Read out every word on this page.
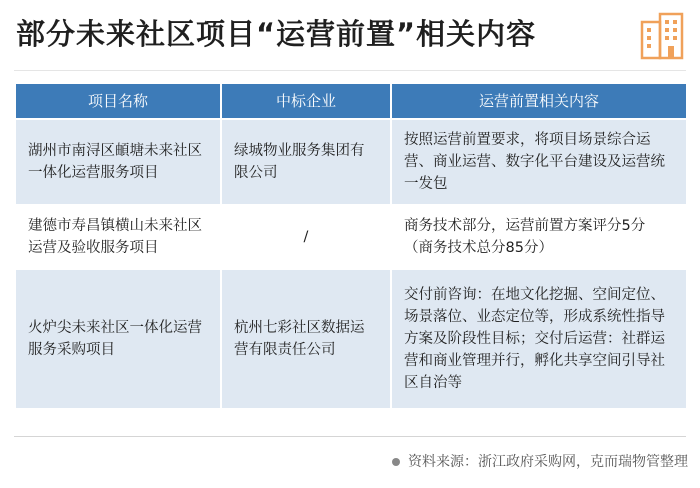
部分未来社区项目“运营前置”相关内容
项目名称	中标企业	运营前置相关内容
湖州市南浔区頔塘未来社区一体化运营服务项目
绿城物业服务集团有限公司
按照运营前置要求，将项目场景综合运营、商业运营、数字化平台建设及运营统一发包
建德市寿昌镇横山未来社区运营及验收服务项目
/
商务技术部分，运营前置方案评分5分（商务技术总分85分）
火炉尖未来社区一体化运营服务采购项目
杭州七彩社区数据运营有限责任公司
交付前咨询：在地文化挖掘、空间定位、场景落位、业态定位等，形成系统性指导方案及阶段性目标；交付后运营：社群运营和商业管理并行，孵化共享空间引导社区自治等
资料来源：浙江政府采购网，克而瑞物管整理
